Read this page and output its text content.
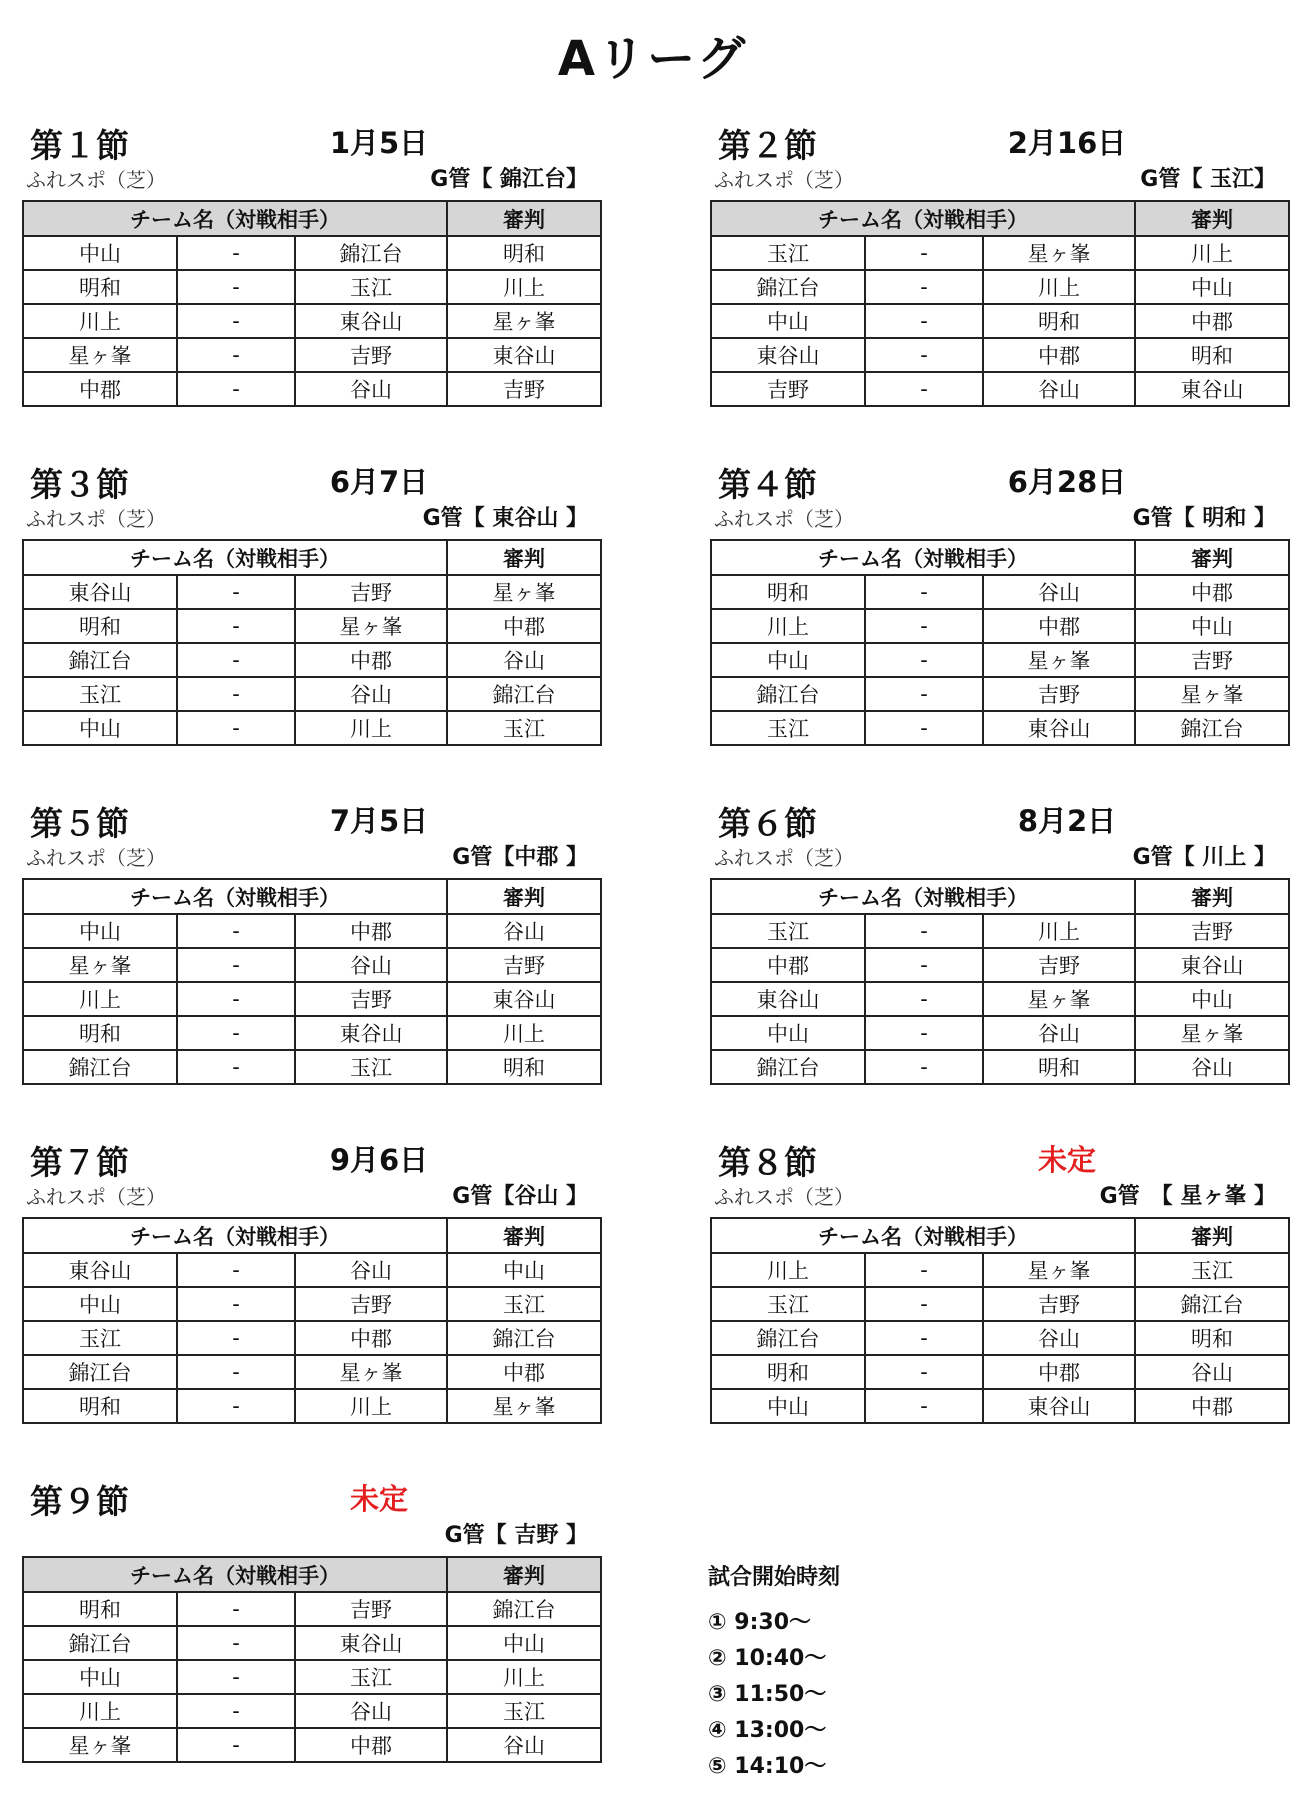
Aリーグ
第１節	1月5日
ふれスポ（芝）	G管【 錦江台】
チーム名（対戦相手）			審判
中山	-	錦江台	明和
明和	-	玉江	川上
川上	-	東谷山	星ヶ峯
星ヶ峯	-	吉野	東谷山
中郡	-	谷山	吉野
第２節	2月16日
ふれスポ（芝）	G管【 玉江】
チーム名（対戦相手）			審判
玉江	-	星ヶ峯	川上
錦江台	-	川上	中山
中山	-	明和	中郡
東谷山	-	中郡	明和
吉野	-	谷山	東谷山
第３節	6月7日
ふれスポ（芝）	G管【 東谷山 】
チーム名（対戦相手）			審判
東谷山	-	吉野	星ヶ峯
明和	-	星ヶ峯	中郡
錦江台	-	中郡	谷山
玉江	-	谷山	錦江台
中山	-	川上	玉江
第４節	6月28日
ふれスポ（芝）	G管【 明和 】
チーム名（対戦相手）			審判
明和	-	谷山	中郡
川上	-	中郡	中山
中山	-	星ヶ峯	吉野
錦江台	-	吉野	星ヶ峯
玉江	-	東谷山	錦江台
第５節	7月5日
ふれスポ（芝）	G管【中郡 】
チーム名（対戦相手）			審判
中山	-	中郡	谷山
星ヶ峯	-	谷山	吉野
川上	-	吉野	東谷山
明和	-	東谷山	川上
錦江台	-	玉江	明和
第６節	8月2日
ふれスポ（芝）	G管【 川上 】
チーム名（対戦相手）			審判
玉江	-	川上	吉野
中郡	-	吉野	東谷山
東谷山	-	星ヶ峯	中山
中山	-	谷山	星ヶ峯
錦江台	-	明和	谷山
第７節	9月6日
ふれスポ（芝）	G管【谷山 】
チーム名（対戦相手）			審判
東谷山	-	谷山	中山
中山	-	吉野	玉江
玉江	-	中郡	錦江台
錦江台	-	星ヶ峯	中郡
明和	-	川上	星ヶ峯
第８節	未定
ふれスポ（芝）	G管　【 星ヶ峯 】
チーム名（対戦相手）			審判
川上	-	星ヶ峯	玉江
玉江	-	吉野	錦江台
錦江台	-	谷山	明和
明和	-	中郡	谷山
中山	-	東谷山	中郡
第９節	未定
G管【 吉野 】
チーム名（対戦相手）			審判
明和	-	吉野	錦江台
錦江台	-	東谷山	中山
中山	-	玉江	川上
川上	-	谷山	玉江
星ヶ峯	-	中郡	谷山
試合開始時刻
① 9:30～
② 10:40～
③ 11:50～
④ 13:00～
⑤ 14:10～
